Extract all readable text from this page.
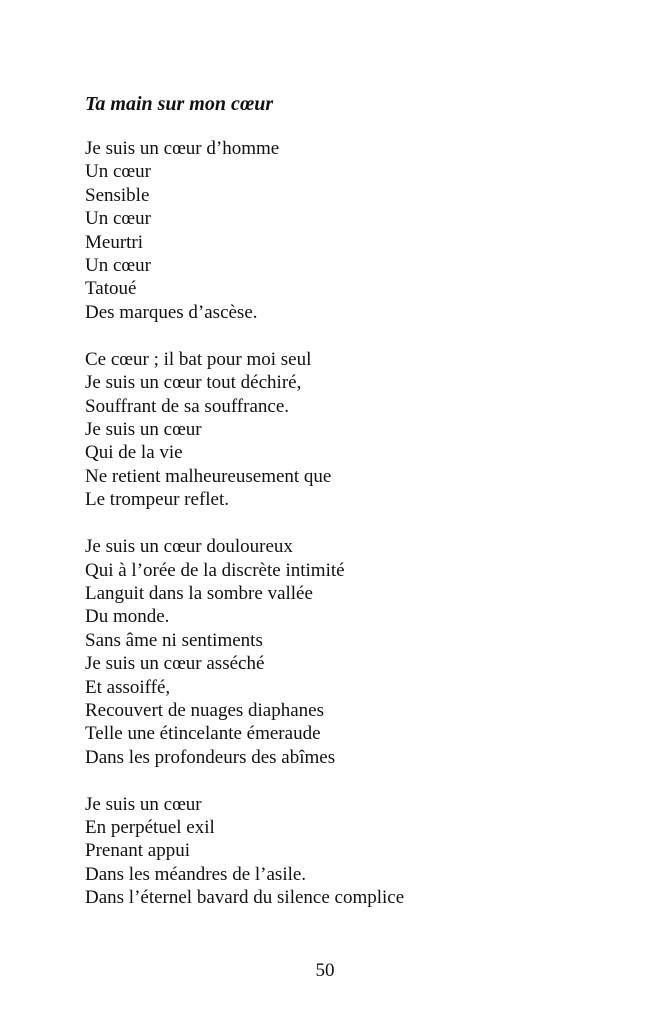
Ta main sur mon cœur
Je suis un cœur d’homme
Un cœur
Sensible
Un cœur
Meurtri
Un cœur
Tatoué
Des marques d’ascèse.
Ce cœur ; il bat pour moi seul
Je suis un cœur tout déchiré,
Souffrant de sa souffrance.
Je suis un cœur
Qui de la vie
Ne retient malheureusement que
Le trompeur reflet.
Je suis un cœur douloureux
Qui à l’orée de la discrète intimité
Languit dans la sombre vallée
Du monde.
Sans âme ni sentiments
Je suis un cœur asséché
Et assoiffé,
Recouvert de nuages diaphanes
Telle une étincelante émeraude
Dans les profondeurs des abîmes
Je suis un cœur
En perpétuel exil
Prenant appui
Dans les méandres de l’asile.
Dans l’éternel bavard du silence complice
50
